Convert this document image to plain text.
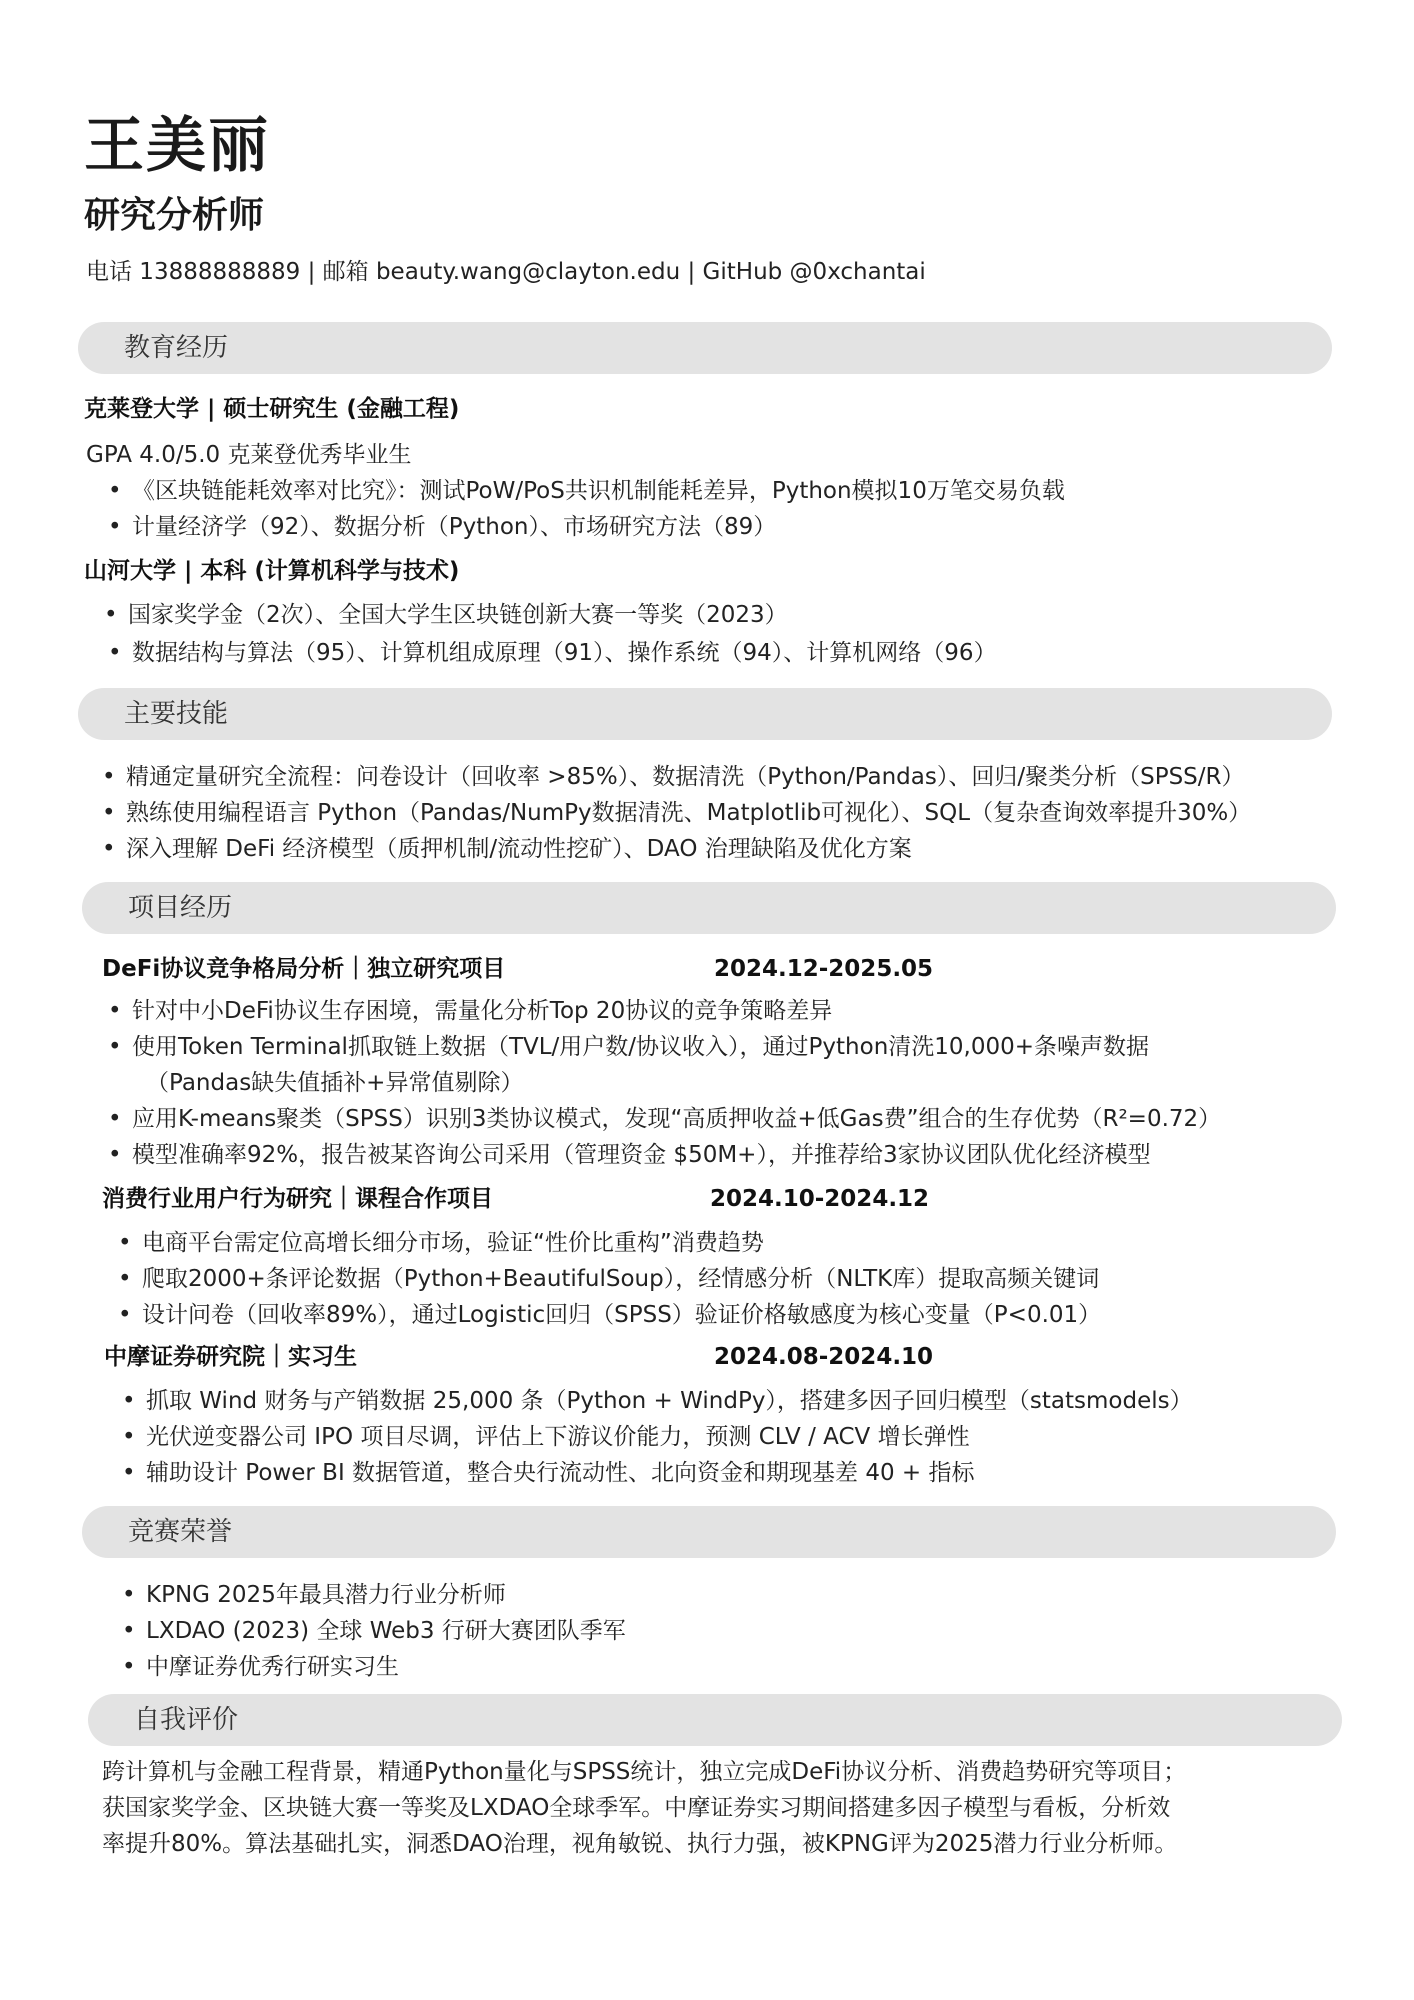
王美丽
研究分析师
电话 13888888889 | 邮箱 beauty.wang@clayton.edu | GitHub @0xchantai
教育经历
克莱登大学 | 硕士研究生 (金融工程)
GPA 4.0/5.0 克莱登优秀毕业生
• 《区块链能耗效率对比究》：测试PoW/PoS共识机制能耗差异，Python模拟10万笔交易负载
• 计量经济学（92）、数据分析（Python）、市场研究方法（89）
山河大学 | 本科 (计算机科学与技术)
• 国家奖学金（2次）、全国大学生区块链创新大赛一等奖（2023）
• 数据结构与算法（95）、计算机组成原理（91）、操作系统（94）、计算机网络（96）
主要技能
• 精通定量研究全流程：问卷设计（回收率 >85%）、数据清洗（Python/Pandas）、回归/聚类分析（SPSS/R）
• 熟练使用编程语言 Python（Pandas/NumPy数据清洗、Matplotlib可视化）、SQL（复杂查询效率提升30%）
• 深入理解 DeFi 经济模型（质押机制/流动性挖矿）、DAO 治理缺陷及优化方案
项目经历
DeFi协议竞争格局分析｜独立研究项目	2024.12-2025.05
• 针对中小DeFi协议生存困境，需量化分析Top 20协议的竞争策略差异
• 使用Token Terminal抓取链上数据（TVL/用户数/协议收入），通过Python清洗10,000+条噪声数据
（Pandas缺失值插补+异常值剔除）
• 应用K-means聚类（SPSS）识别3类协议模式，发现“高质押收益+低Gas费”组合的生存优势（R²=0.72）
• 模型准确率92%，报告被某咨询公司采用（管理资金 $50M+），并推荐给3家协议团队优化经济模型
消费行业用户行为研究｜课程合作项目	2024.10-2024.12
• 电商平台需定位高增长细分市场，验证“性价比重构”消费趋势
• 爬取2000+条评论数据（Python+BeautifulSoup），经情感分析（NLTK库）提取高频关键词
• 设计问卷（回收率89%），通过Logistic回归（SPSS）验证价格敏感度为核心变量（P<0.01）
中摩证券研究院｜实习生	2024.08-2024.10
• 抓取 Wind 财务与产销数据 25,000 条（Python + WindPy），搭建多因子回归模型（statsmodels）
• 光伏逆变器公司 IPO 项目尽调，评估上下游议价能力，预测 CLV / ACV 增长弹性
• 辅助设计 Power BI 数据管道，整合央行流动性、北向资金和期现基差 40 + 指标
竞赛荣誉
• KPNG 2025年最具潜力行业分析师
• LXDAO (2023) 全球 Web3 行研大赛团队季军
• 中摩证券优秀行研实习生
自我评价
跨计算机与金融工程背景，精通Python量化与SPSS统计，独立完成DeFi协议分析、消费趋势研究等项目；
获国家奖学金、区块链大赛一等奖及LXDAO全球季军。中摩证券实习期间搭建多因子模型与看板，分析效
率提升80%。算法基础扎实，洞悉DAO治理，视角敏锐、执行力强，被KPNG评为2025潜力行业分析师。
